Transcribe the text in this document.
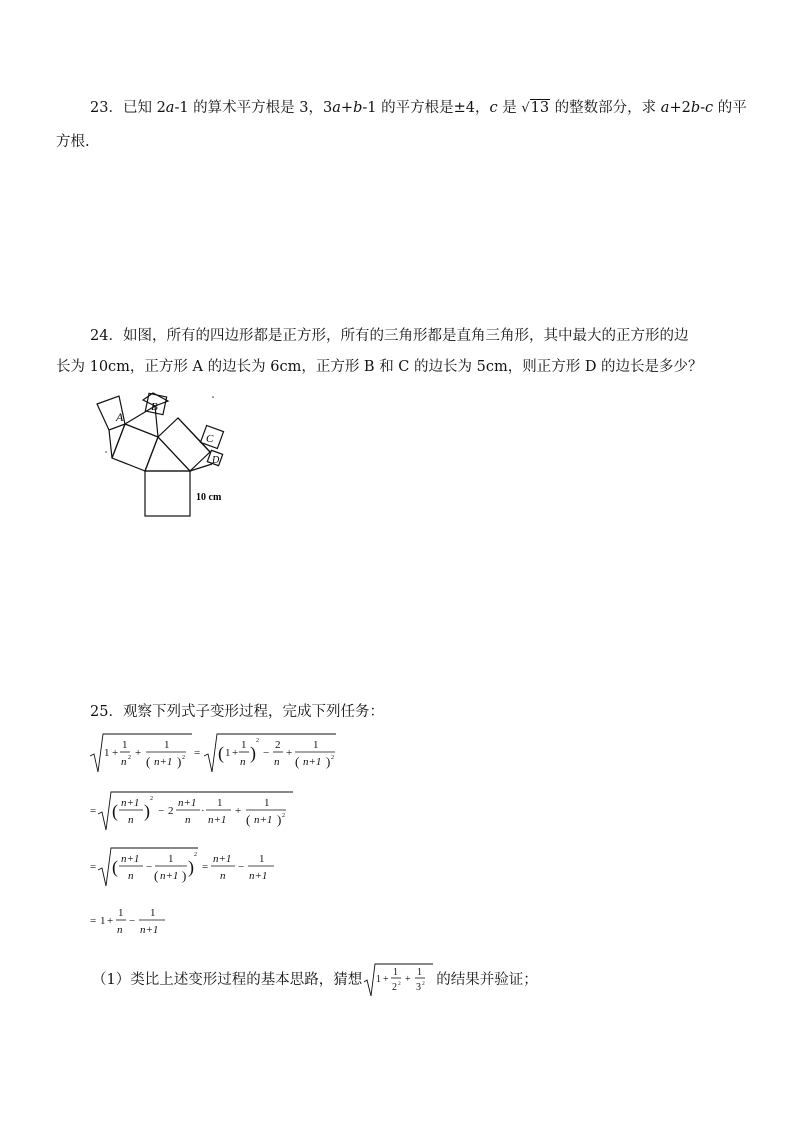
23．已知 2a-1 的算术平方根是 3，3a+b-1 的平方根是±4，c 是 √13 的整数部分，求 a+2b-c 的平
方根.
24．如图，所有的四边形都是正方形，所有的三角形都是直角三角形，其中最大的正方形的边
长为 10cm，正方形 A 的边长为 6cm，正方形 B 和 C 的边长为 5cm，则正方形 D 的边长是多少？
A
B
C
D
10 cm
25．观察下列式子变形过程，完成下列任务：
1 +
1
n 2 +
1
( n+1 ) 2 = ( 1 +
1
n )
2
−
2
n
+
1
( n+1 ) 2
= ( n+1
n )
2
− 2
n+1
n
·
1
n+1
+
1
( n+1 ) 2
= ( n+1
n
−
1
( n+1 ) )
2
=
n+1
n
−
1
n+1
= 1 +
1
n
−
1
n+1
（1）类比上述变形过程的基本思路，猜想 1 +
1
2 2 +
1
3 2 的结果并验证；
